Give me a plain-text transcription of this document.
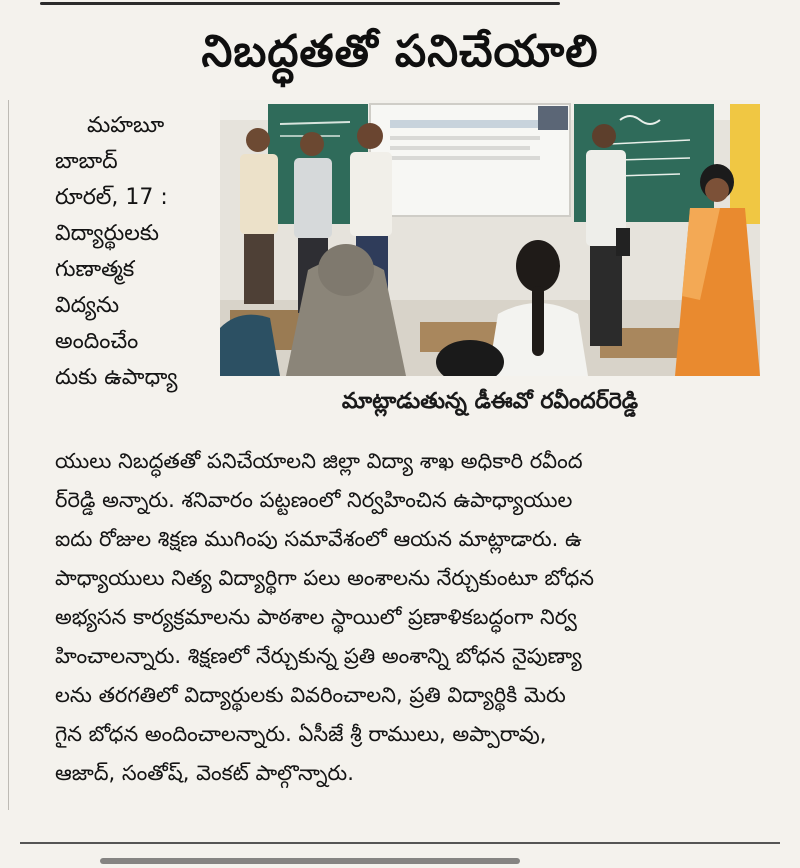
నిబద్ధతతో పనిచేయాలి
మహబూ
బాబాద్
రూరల్, 17 :
విద్యార్థులకు
గుణాత్మక
విద్యను
అందించేం
దుకు ఉపాధ్యా
మాట్లాడుతున్న డీఈవో రవీందర్‌రెడ్డి
యులు నిబద్ధతతో పనిచేయాలని జిల్లా విద్యా శాఖ అధికారి రవీంద
ర్‌రెడ్డి అన్నారు. శనివారం పట్టణంలో నిర్వహించిన ఉపాధ్యాయుల
ఐదు రోజుల శిక్షణ ముగింపు సమావేశంలో ఆయన మాట్లాడారు. ఉ
పాధ్యాయులు నిత్య విద్యార్థిగా పలు అంశాలను నేర్చుకుంటూ బోధన
అభ్యసన కార్యక్రమాలను పాఠశాల స్థాయిలో ప్రణాళికబద్ధంగా నిర్వ
హించాలన్నారు. శిక్షణలో నేర్చుకున్న ప్రతి అంశాన్ని బోధన నైపుణ్యా
లను తరగతిలో విద్యార్థులకు వివరించాలని, ప్రతి విద్యార్థికి మెరు
గైన బోధన అందించాలన్నారు. ఏసీజే శ్రీ రాములు, అప్పారావు,
ఆజాద్, సంతోష్, వెంకట్ పాల్గొన్నారు.
